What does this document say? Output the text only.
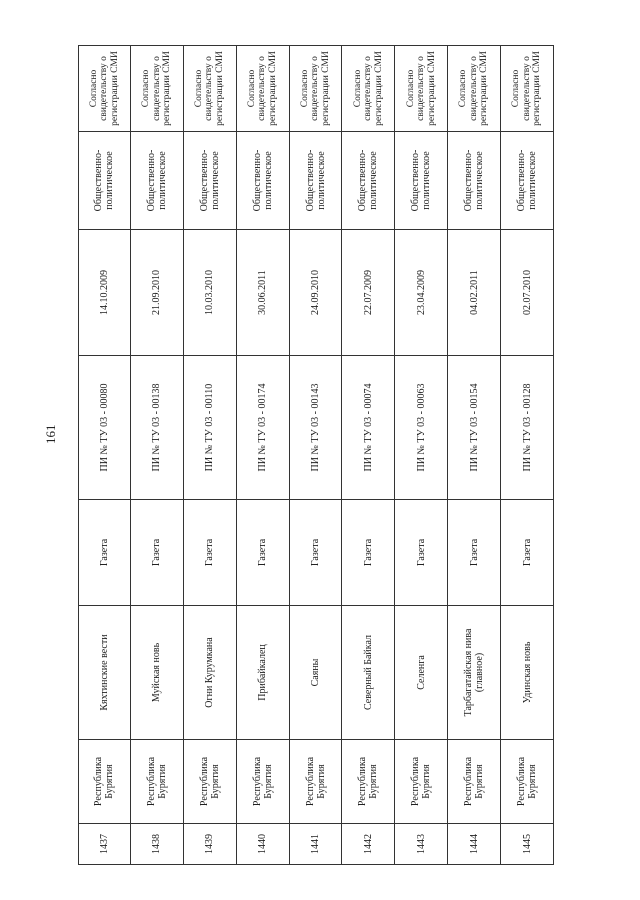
161
1437
Республика Бурятия
Кяхтинские вести
Газета
ПИ № ТУ 03 - 00080
14.10.2009
Общественно-политическое
Согласно свидетельству о регистрации СМИ
1438
Республика Бурятия
Муйская новь
Газета
ПИ № ТУ 03 - 00138
21.09.2010
Общественно-политическое
Согласно свидетельству о регистрации СМИ
1439
Республика Бурятия
Огни Курумкана
Газета
ПИ № ТУ 03 - 00110
10.03.2010
Общественно-политическое
Согласно свидетельству о регистрации СМИ
1440
Республика Бурятия
Прибайкалец
Газета
ПИ № ТУ 03 - 00174
30.06.2011
Общественно-политическое
Согласно свидетельству о регистрации СМИ
1441
Республика Бурятия
Саяны
Газета
ПИ № ТУ 03 - 00143
24.09.2010
Общественно-политическое
Согласно свидетельству о регистрации СМИ
1442
Республика Бурятия
Северный Байкал
Газета
ПИ № ТУ 03 - 00074
22.07.2009
Общественно-политическое
Согласно свидетельству о регистрации СМИ
1443
Республика Бурятия
Селенга
Газета
ПИ № ТУ 03 - 00063
23.04.2009
Общественно-политическое
Согласно свидетельству о регистрации СМИ
1444
Республика Бурятия
Тарбагатайская нива (главное)
Газета
ПИ № ТУ 03 - 00154
04.02.2011
Общественно-политическое
Согласно свидетельству о регистрации СМИ
1445
Республика Бурятия
Удинская новь
Газета
ПИ № ТУ 03 - 00128
02.07.2010
Общественно-политическое
Согласно свидетельству о регистрации СМИ
